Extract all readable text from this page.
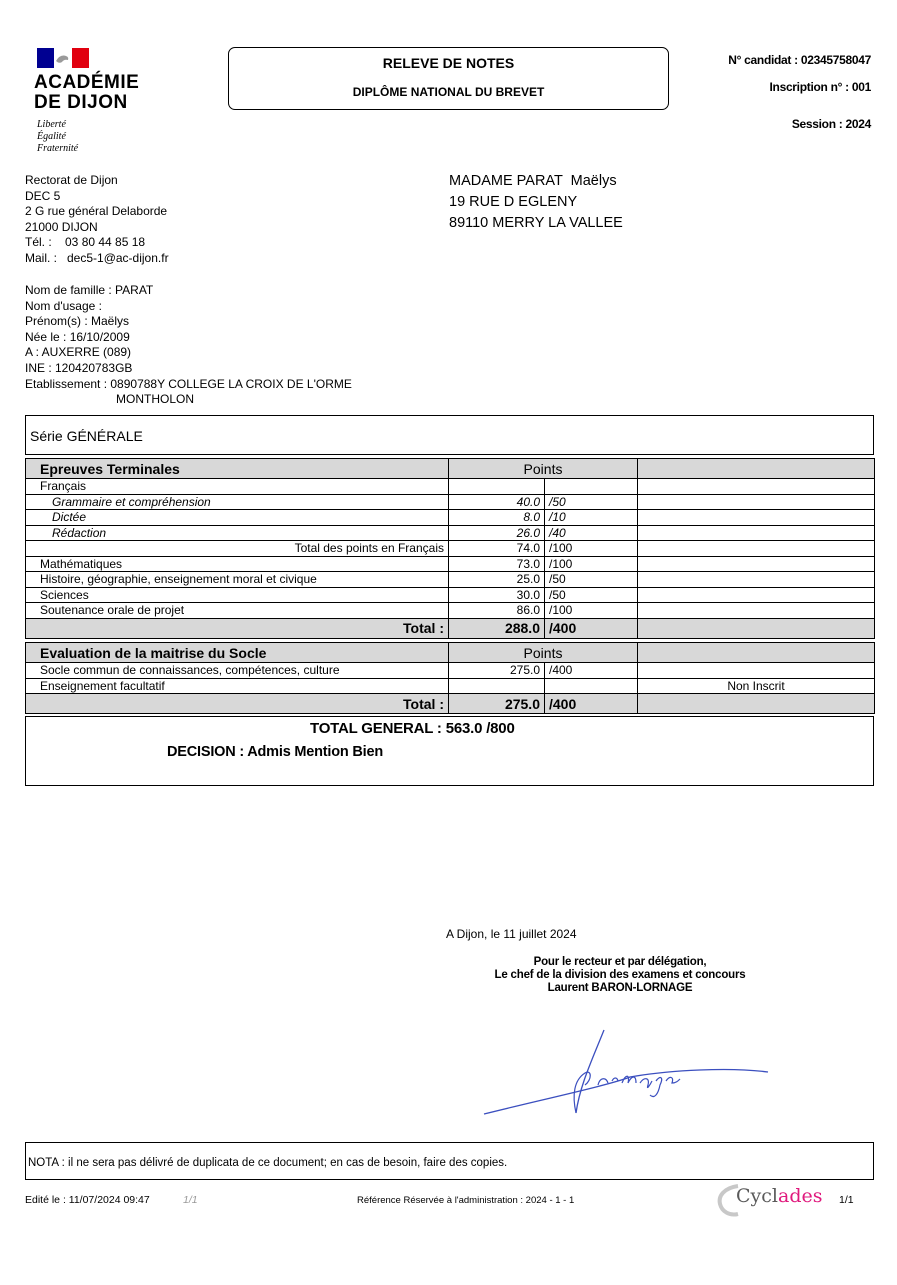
ACADÉMIE
DE DIJON
Liberté
Égalité
Fraternité
RELEVE DE NOTES
DIPLÔME NATIONAL DU BREVET
N° candidat : 02345758047
Inscription n° : 001
Session : 2024
Rectorat de Dijon
DEC 5
2 G rue général Delaborde
21000 DIJON
Tél. :    03 80 44 85 18
Mail. :   dec5-1@ac-dijon.fr
MADAME PARAT  Maëlys
19 RUE D EGLENY
89110 MERRY LA VALLEE
Nom de famille : PARAT
Nom d'usage :
Prénom(s) : Maëlys
Née le : 16/10/2009
A : AUXERRE (089)
INE : 120420783GB
Etablissement : 0890788Y COLLEGE LA CROIX DE L'ORME
MONTHOLON
Série GÉNÉRALE
Epreuves Terminales	Points		
Français			
Grammaire et compréhension	40.0	/50	
Dictée	8.0	/10	
Rédaction	26.0	/40	
Total des points en Français	74.0	/100	
Mathématiques	73.0	/100	
Histoire, géographie, enseignement moral et civique	25.0	/50	
Sciences	30.0	/50	
Soutenance orale de projet	86.0	/100	
Total :	288.0	/400	
Evaluation de la maitrise du Socle	Points		
Socle commun de connaissances, compétences, culture	275.0	/400	
Enseignement facultatif			Non Inscrit
Total :	275.0	/400	
TOTAL GENERAL : 563.0 /800
DECISION : Admis Mention Bien
A Dijon, le 11 juillet 2024
Pour le recteur et par délégation,
Le chef de la division des examens et concours
Laurent BARON-LORNAGE
NOTA : il ne sera pas délivré de duplicata de ce document; en cas de besoin, faire des copies.
Edité le : 11/07/2024 09:47	1/1	Référence Réservée à l'administration : 2024 - 1 - 1	Cyclades 1/1
